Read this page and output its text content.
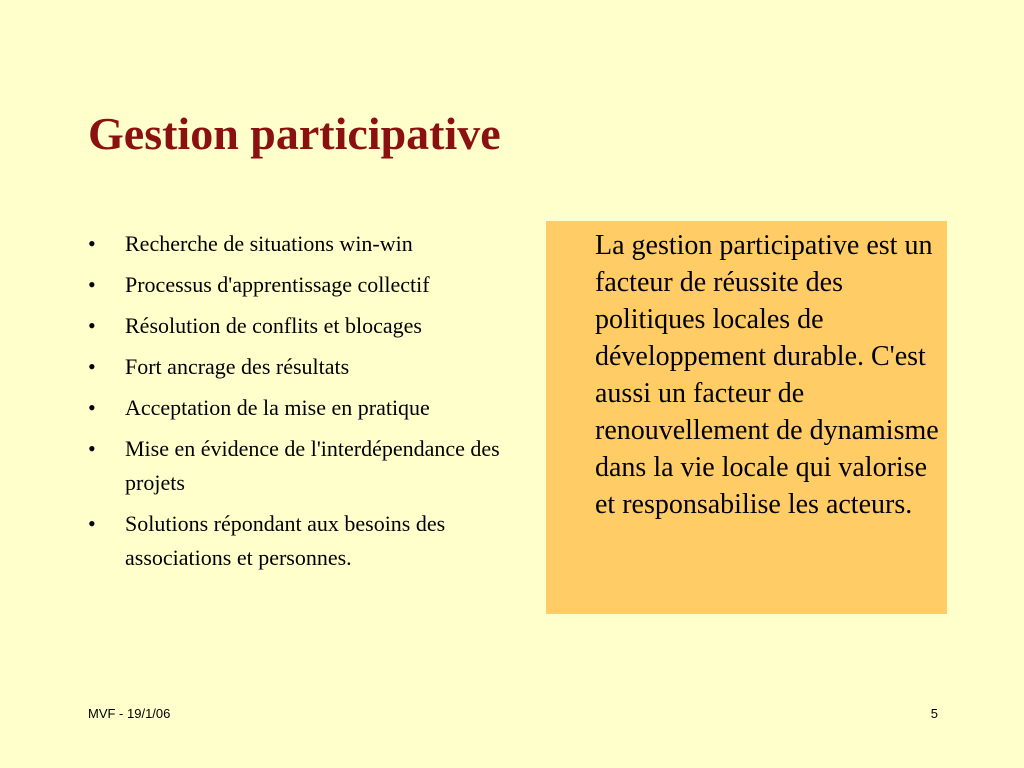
Gestion participative
•	Recherche de situations win-win
•	Processus d'apprentissage collectif
•	Résolution de conflits et blocages
•	Fort ancrage des résultats
•	Acceptation de la mise en pratique
•	Mise en évidence de l'interdépendance des projets
•	Solutions répondant aux besoins des associations et personnes.

La gestion participative est un facteur de réussite des politiques locales de développement durable. C'est aussi un facteur de renouvellement de dynamisme dans la vie locale qui valorise et responsabilise les acteurs.

MVF - 19/1/06	5
